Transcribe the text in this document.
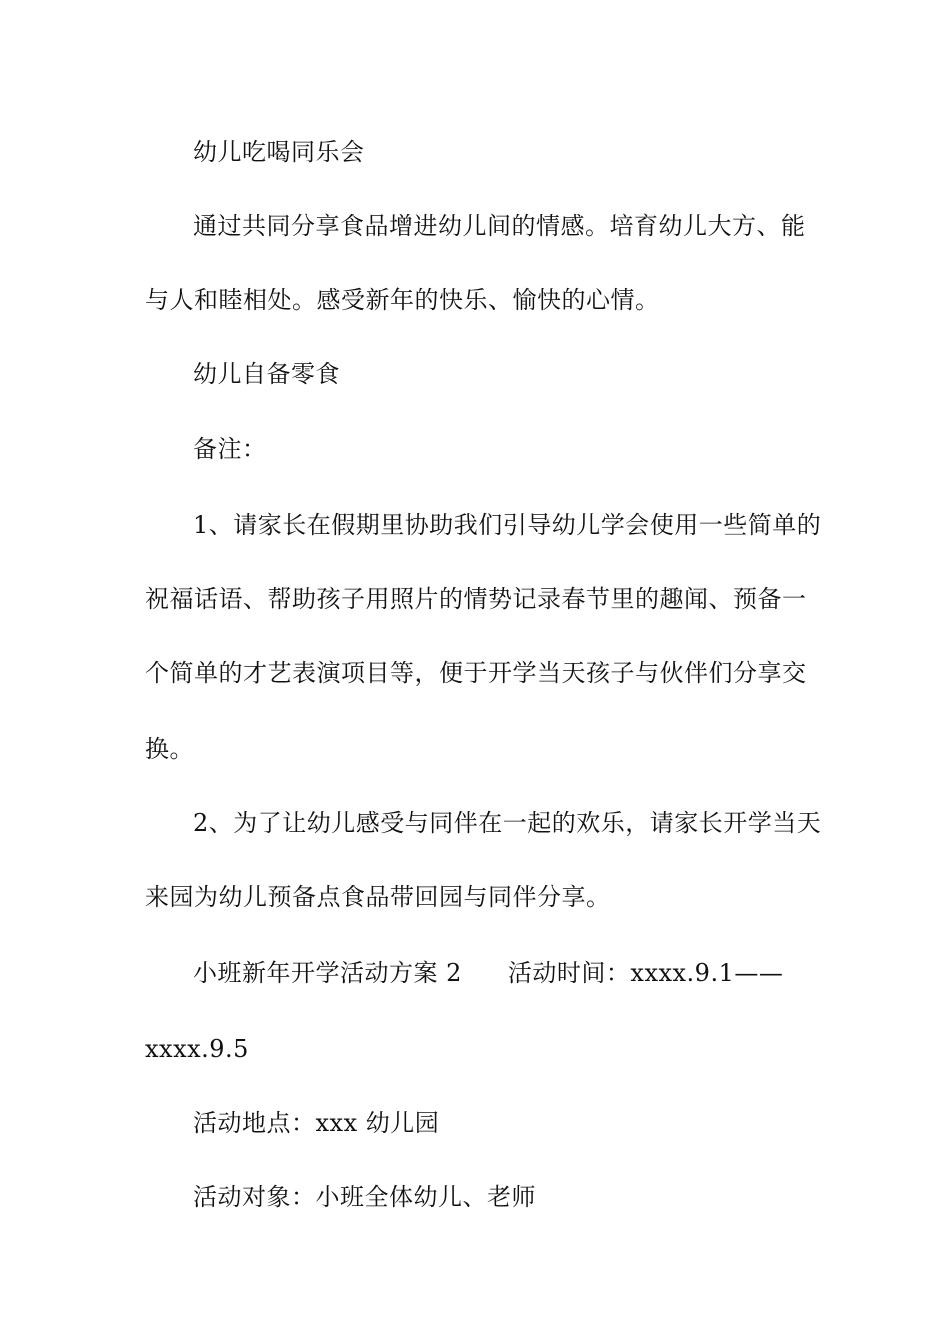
幼儿吃喝同乐会
通过共同分享食品增进幼儿间的情感。培育幼儿大方、能
与人和睦相处。感受新年的快乐、愉快的心情。
幼儿自备零食
备注：
1、请家长在假期里协助我们引导幼儿学会使用一些简单的
祝福话语、帮助孩子用照片的情势记录春节里的趣闻、预备一
个简单的才艺表演项目等，便于开学当天孩子与伙伴们分享交
换。
2、为了让幼儿感受与同伴在一起的欢乐，请家长开学当天
来园为幼儿预备点食品带回园与同伴分享。
小班新年开学活动方案 2 活动时间：xxxx.9.1——
xxxx.9.5
活动地点：xxx 幼儿园
活动对象：小班全体幼儿、老师
